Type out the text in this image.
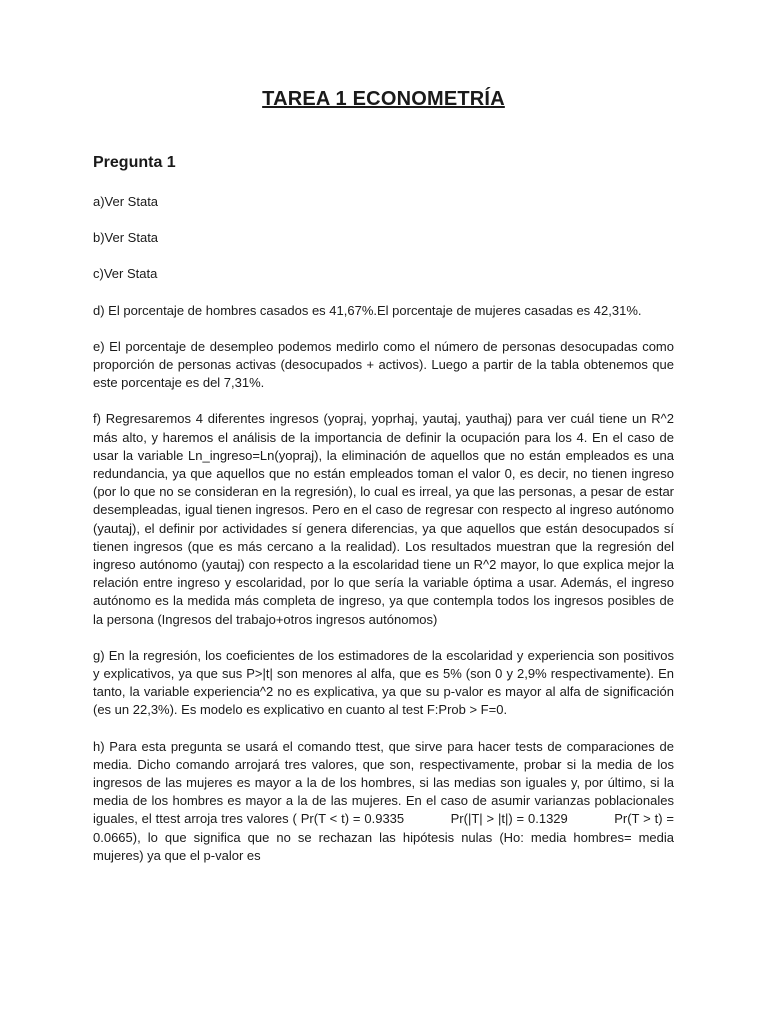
TAREA 1 ECONOMETRÍA
Pregunta 1

a)Ver Stata

b)Ver Stata

c)Ver Stata

d) El porcentaje de hombres casados es 41,67%.El porcentaje de mujeres casadas es 42,31%.

e) El porcentaje de desempleo podemos medirlo como el número de personas desocupadas como proporción de personas activas (desocupados + activos). Luego a partir de la tabla obtenemos que este porcentaje es del 7,31%.

f) Regresaremos 4 diferentes ingresos (yopraj, yoprhaj, yautaj, yauthaj) para ver cuál tiene un R^2 más alto, y haremos el análisis de la importancia de definir la ocupación para los 4. En el caso de usar la variable Ln_ingreso=Ln(yopraj), la eliminación de aquellos que no están empleados es una redundancia, ya que aquellos que no están empleados toman el valor 0, es decir, no tienen ingreso (por lo que no se consideran en la regresión), lo cual es irreal, ya que las personas, a pesar de estar desempleadas, igual tienen ingresos. Pero en el caso de regresar con respecto al ingreso autónomo (yautaj), el definir por actividades sí genera diferencias, ya que aquellos que están desocupados sí tienen ingresos (que es más cercano a la realidad). Los resultados muestran que la regresión del ingreso autónomo (yautaj) con respecto a la escolaridad tiene un R^2 mayor, lo que explica mejor la relación entre ingreso y escolaridad, por lo que sería la variable óptima a usar. Además, el ingreso autónomo es la medida más completa de ingreso, ya que contempla todos los ingresos posibles de la persona (Ingresos del trabajo+otros ingresos autónomos)

g) En la regresión, los coeficientes de los estimadores de la escolaridad y experiencia son positivos y explicativos, ya que sus P>|t| son menores al alfa, que es 5% (son 0 y 2,9% respectivamente). En tanto, la variable experiencia^2 no es explicativa, ya que su p-valor es mayor al alfa de significación (es un 22,3%). Es modelo es explicativo en cuanto al test F:Prob > F=0.

h) Para esta pregunta se usará el comando ttest, que sirve para hacer tests de comparaciones de media. Dicho comando arrojará tres valores, que son, respectivamente, probar si la media de los ingresos de las mujeres es mayor a la de los hombres, si las medias son iguales y, por último, si la media de los hombres es mayor a la de las mujeres. En el caso de asumir varianzas poblacionales iguales, el ttest arroja tres valores ( Pr(T < t) = 0.9335            Pr(|T| > |t|) = 0.1329            Pr(T > t) = 0.0665), lo que significa que no se rechazan las hipótesis nulas (Ho: media hombres= media mujeres) ya que el p-valor es
